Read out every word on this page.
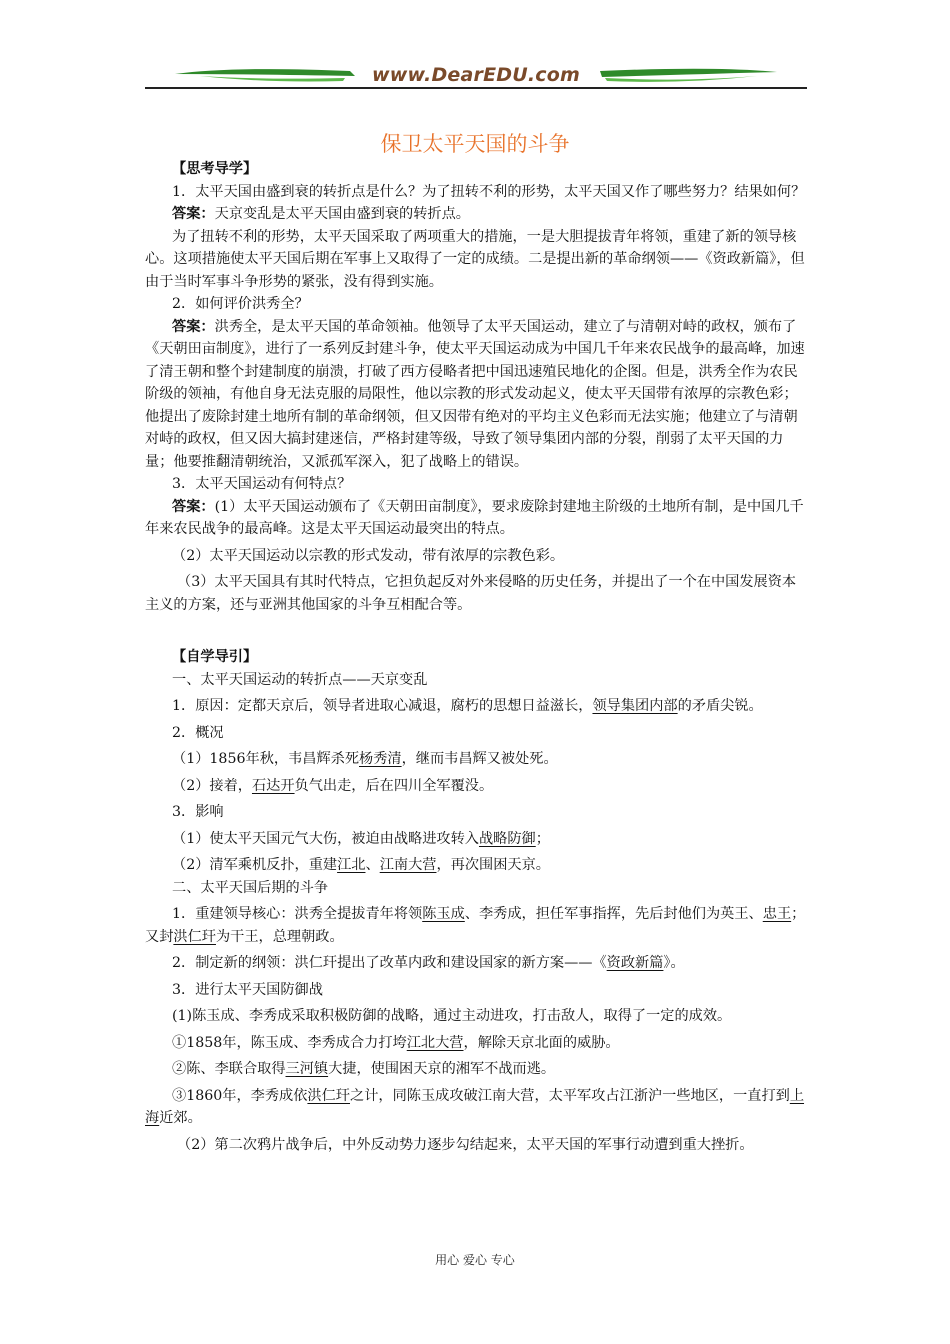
www.DearEDU.com
保卫太平天国的斗争

【思考导学】

1．太平天国由盛到衰的转折点是什么？为了扭转不利的形势，太平天国又作了哪些努力？结果如何？

答案：天京变乱是太平天国由盛到衰的转折点。

为了扭转不利的形势，太平天国采取了两项重大的措施，一是大胆提拔青年将领，重建了新的领导核心。这项措施使太平天国后期在军事上又取得了一定的成绩。二是提出新的革命纲领——《资政新篇》，但由于当时军事斗争形势的紧张，没有得到实施。

2．如何评价洪秀全？

答案：洪秀全，是太平天国的革命领袖。他领导了太平天国运动，建立了与清朝对峙的政权，颁布了《天朝田亩制度》，进行了一系列反封建斗争，使太平天国运动成为中国几千年来农民战争的最高峰，加速了清王朝和整个封建制度的崩溃，打破了西方侵略者把中国迅速殖民地化的企图。但是，洪秀全作为农民阶级的领袖，有他自身无法克服的局限性，他以宗教的形式发动起义，使太平天国带有浓厚的宗教色彩；他提出了废除封建土地所有制的革命纲领，但又因带有绝对的平均主义色彩而无法实施；他建立了与清朝对峙的政权，但又因大搞封建迷信，严格封建等级，导致了领导集团内部的分裂，削弱了太平天国的力量；他要推翻清朝统治，又派孤军深入，犯了战略上的错误。

3．太平天国运动有何特点？

答案：(1）太平天国运动颁布了《天朝田亩制度》，要求废除封建地主阶级的土地所有制，是中国几千年来农民战争的最高峰。这是太平天国运动最突出的特点。

（2）太平天国运动以宗教的形式发动，带有浓厚的宗教色彩。

（3）太平天国具有其时代特点，它担负起反对外来侵略的历史任务，并提出了一个在中国发展资本主义的方案，还与亚洲其他国家的斗争互相配合等。

【自学导引】

一、太平天国运动的转折点——天京变乱

1．原因：定都天京后，领导者进取心减退，腐朽的思想日益滋长，领导集团内部的矛盾尖锐。

2．概况

（1）1856年秋，韦昌辉杀死杨秀清，继而韦昌辉又被处死。

（2）接着，石达开负气出走，后在四川全军覆没。

3．影响

（1）使太平天国元气大伤，被迫由战略进攻转入战略防御；

（2）清军乘机反扑，重建江北、江南大营，再次围困天京。

二、太平天国后期的斗争

1．重建领导核心：洪秀全提拔青年将领陈玉成、李秀成，担任军事指挥，先后封他们为英王、忠王；又封洪仁玕为干王，总理朝政。

2．制定新的纲领：洪仁玕提出了改革内政和建设国家的新方案——《资政新篇》。

3．进行太平天国防御战

(1)陈玉成、李秀成采取积极防御的战略，通过主动进攻，打击敌人，取得了一定的成效。

①1858年，陈玉成、李秀成合力打垮江北大营，解除天京北面的威胁。

②陈、李联合取得三河镇大捷，使围困天京的湘军不战而逃。

③1860年，李秀成依洪仁玕之计，同陈玉成攻破江南大营，太平军攻占江浙沪一些地区，一直打到上海近郊。

（2）第二次鸦片战争后，中外反动势力逐步勾结起来，太平天国的军事行动遭到重大挫折。

用心 爱心 专心
